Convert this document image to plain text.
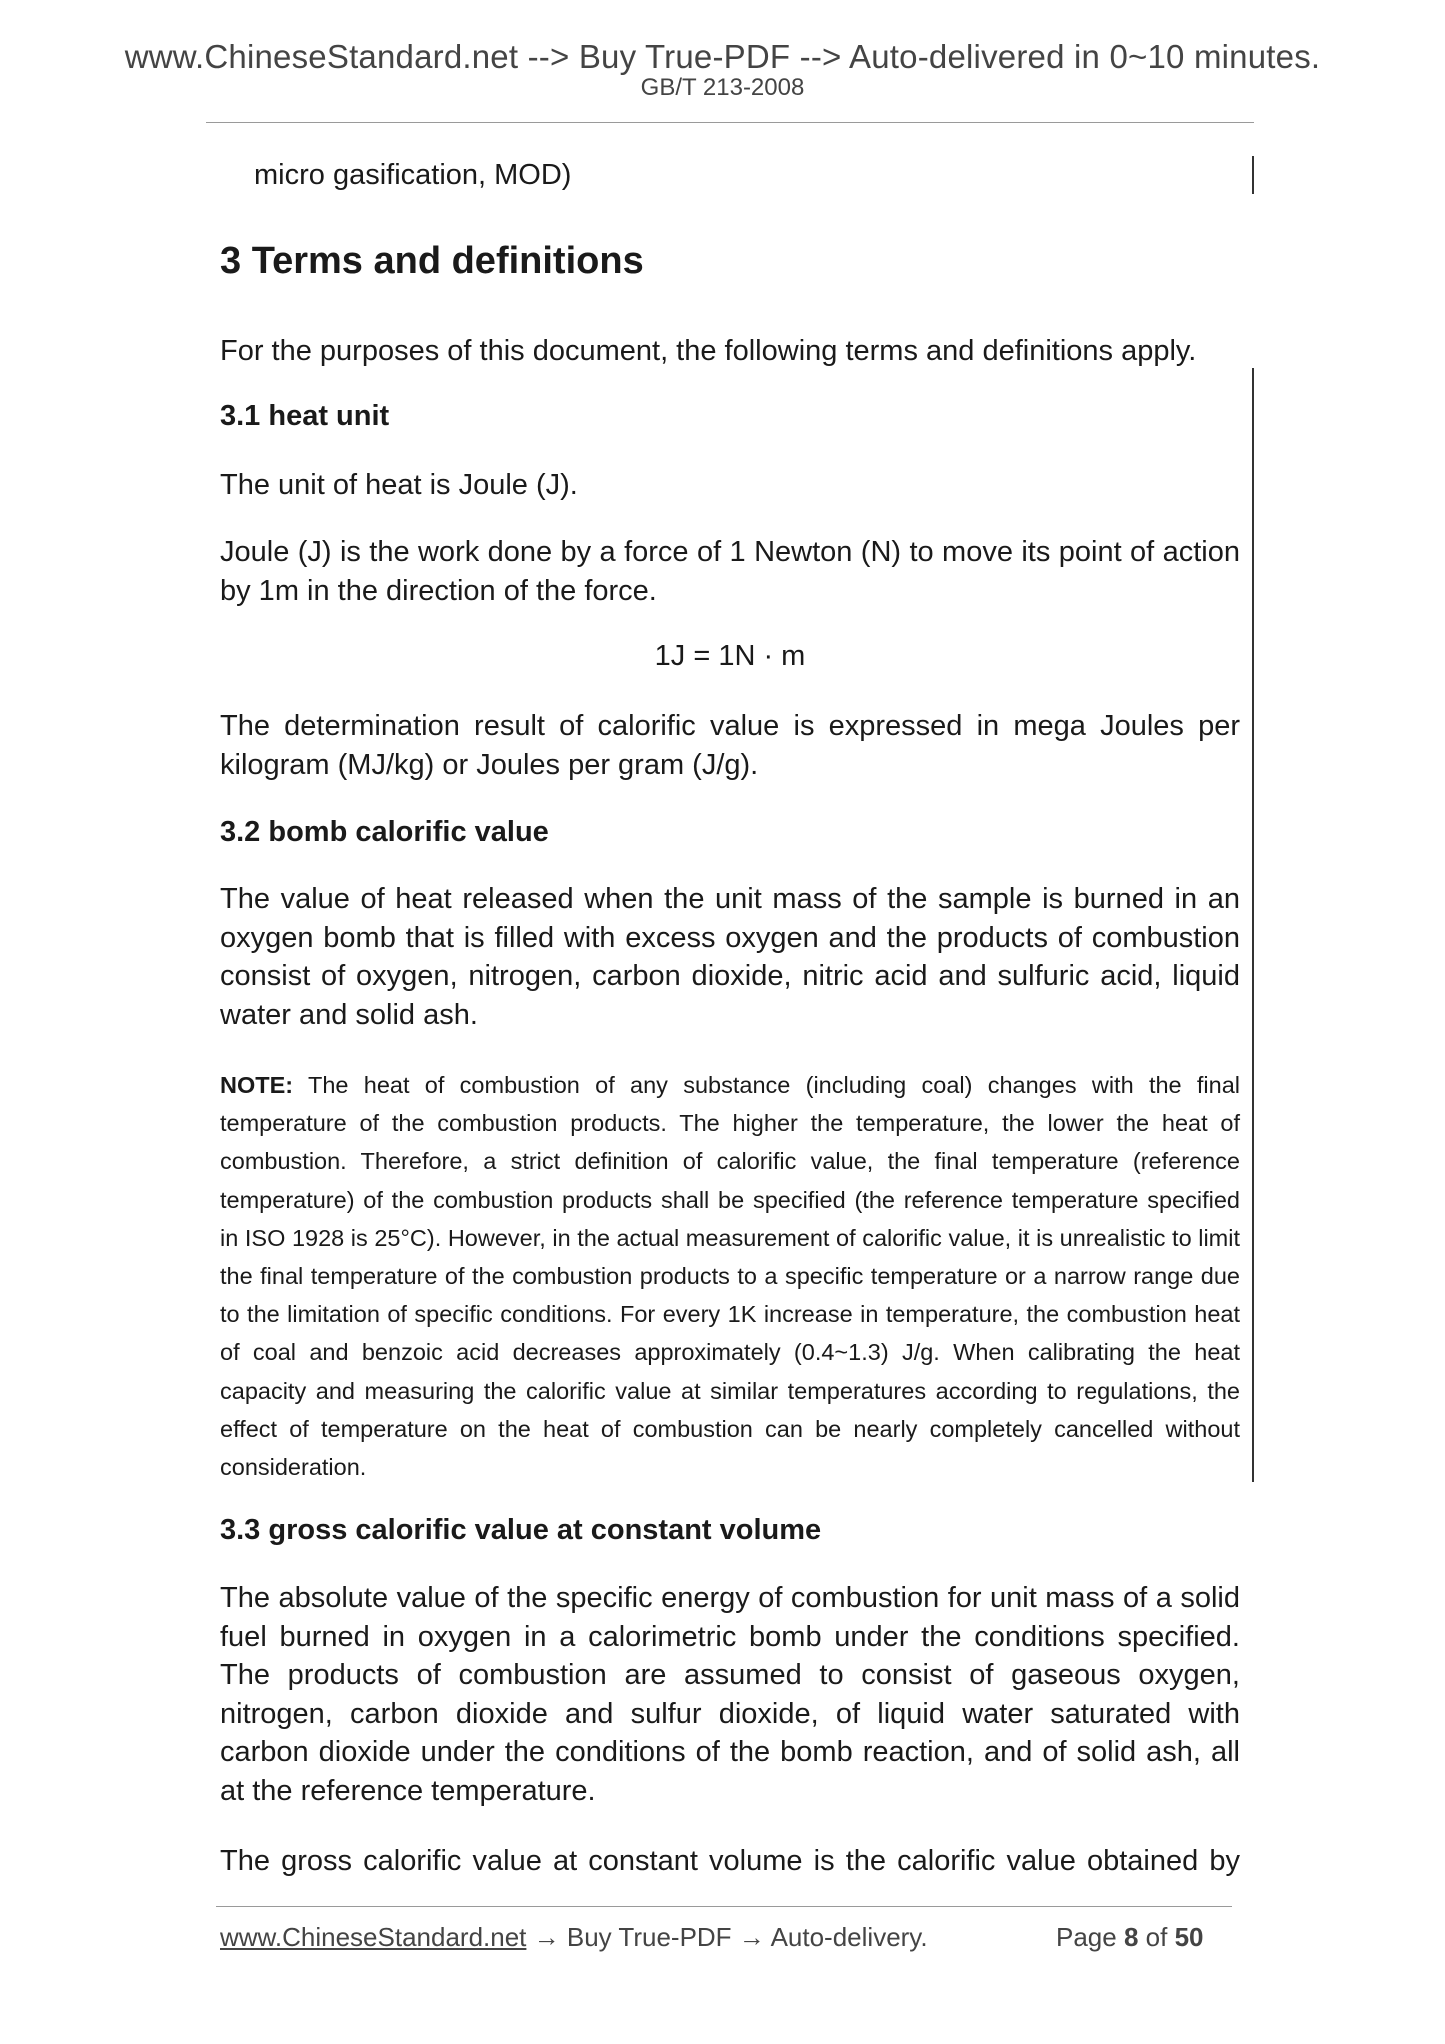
www.ChineseStandard.net --> Buy True-PDF --> Auto-delivered in 0~10 minutes.
GB/T 213-2008

micro gasification, MOD)

3 Terms and definitions

For the purposes of this document, the following terms and definitions apply.

3.1 heat unit

The unit of heat is Joule (J).

Joule (J) is the work done by a force of 1 Newton (N) to move its point of action by 1m in the direction of the force.

1J = 1N · m

The determination result of calorific value is expressed in mega Joules per kilogram (MJ/kg) or Joules per gram (J/g).

3.2 bomb calorific value

The value of heat released when the unit mass of the sample is burned in an oxygen bomb that is filled with excess oxygen and the products of combustion consist of oxygen, nitrogen, carbon dioxide, nitric acid and sulfuric acid, liquid water and solid ash.

NOTE: The heat of combustion of any substance (including coal) changes with the final temperature of the combustion products. The higher the temperature, the lower the heat of combustion. Therefore, a strict definition of calorific value, the final temperature (reference temperature) of the combustion products shall be specified (the reference temperature specified in ISO 1928 is 25°C). However, in the actual measurement of calorific value, it is unrealistic to limit the final temperature of the combustion products to a specific temperature or a narrow range due to the limitation of specific conditions. For every 1K increase in temperature, the combustion heat of coal and benzoic acid decreases approximately (0.4~1.3) J/g. When calibrating the heat capacity and measuring the calorific value at similar temperatures according to regulations, the effect of temperature on the heat of combustion can be nearly completely cancelled without consideration.

3.3 gross calorific value at constant volume

The absolute value of the specific energy of combustion for unit mass of a solid fuel burned in oxygen in a calorimetric bomb under the conditions specified. The products of combustion are assumed to consist of gaseous oxygen, nitrogen, carbon dioxide and sulfur dioxide, of liquid water saturated with carbon dioxide under the conditions of the bomb reaction, and of solid ash, all at the reference temperature.

The gross calorific value at constant volume is the calorific value obtained by

www.ChineseStandard.net → Buy True-PDF → Auto-delivery.	Page 8 of 50
